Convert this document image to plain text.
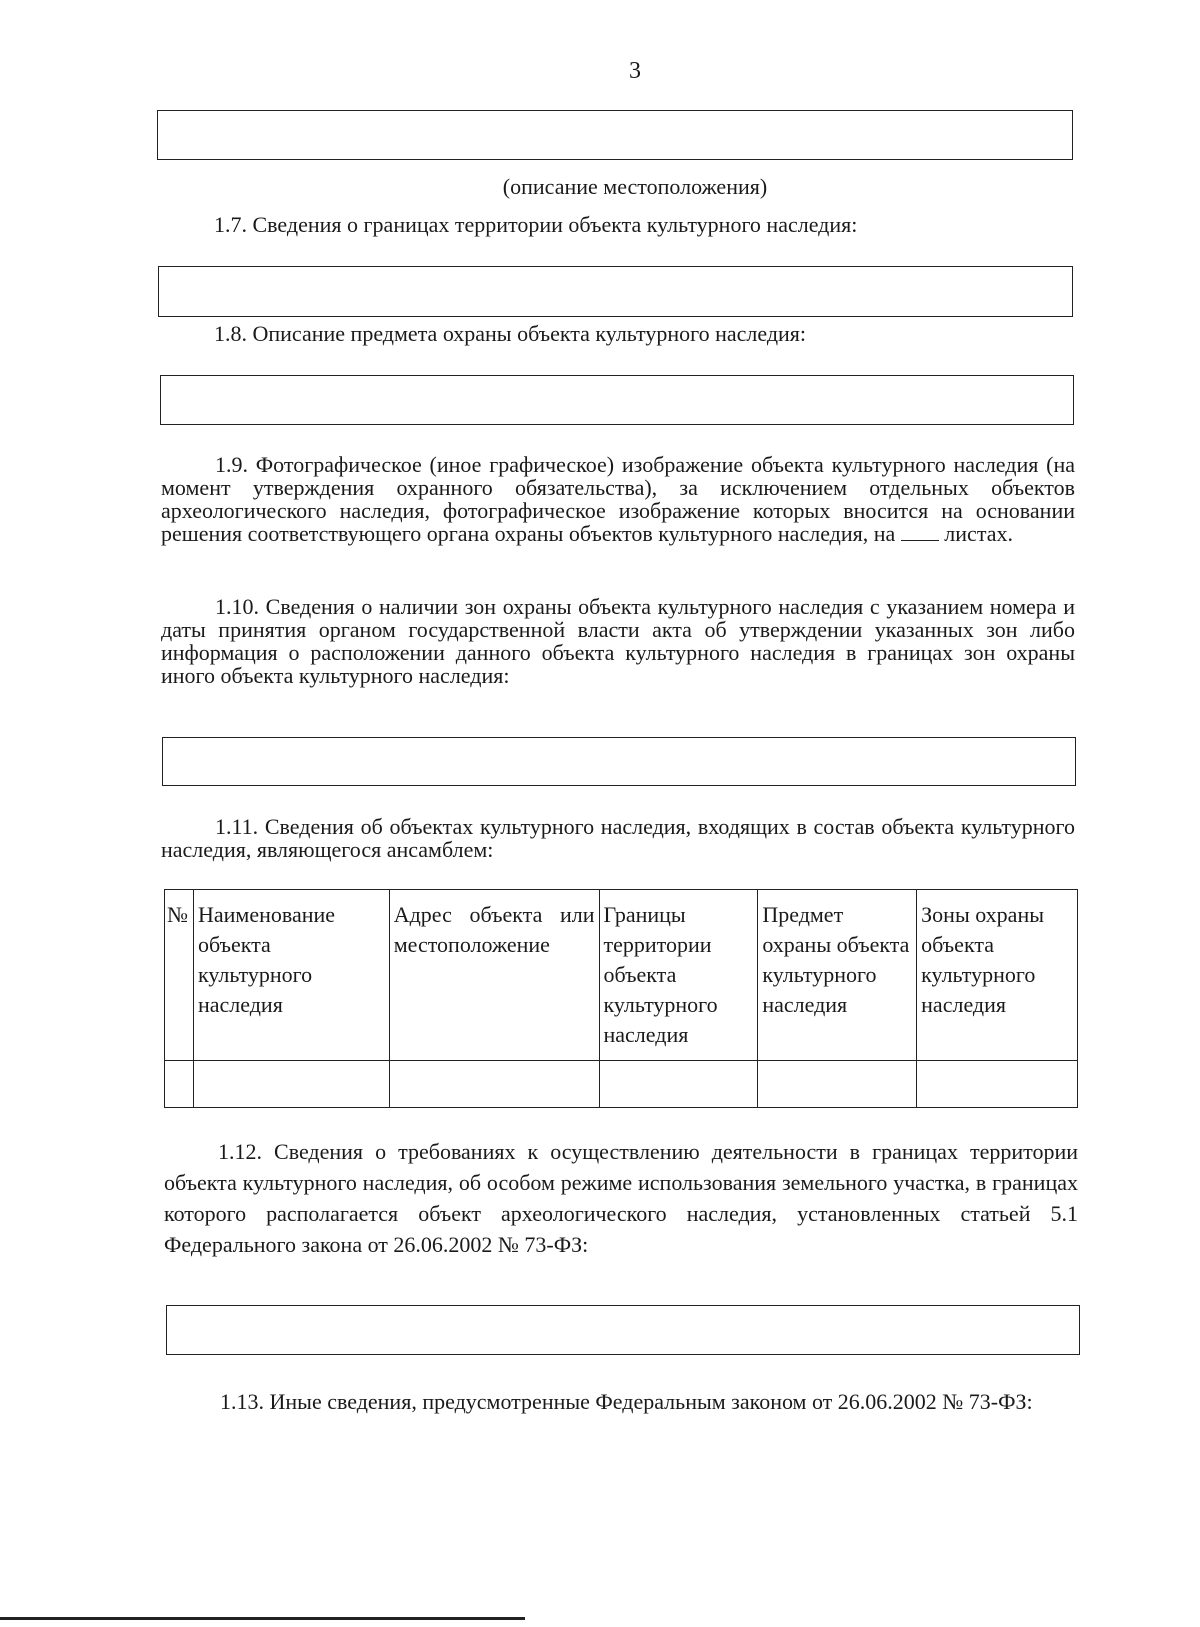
3
(описание местоположения)
1.7. Сведения о границах территории объекта культурного наследия:
1.8. Описание предмета охраны объекта культурного наследия:
1.9. Фотографическое (иное графическое) изображение объекта культурного наследия (на момент утверждения охранного обязательства), за исключением отдельных объектов археологического наследия, фотографическое изображение которых вносится на основании решения соответствующего органа охраны объектов культурного наследия, на листах.
1.10. Сведения о наличии зон охраны объекта культурного наследия с указанием номера и даты принятия органом государственной власти акта об утверждении указанных зон либо информация о расположении данного объекта культурного наследия в границах зон охраны иного объекта культурного наследия:
1.11. Сведения об объектах культурного наследия, входящих в состав объекта культурного наследия, являющегося ансамблем:
№	Наименование объекта культурного наследия	Адрес объекта или местоположение	Границы территории объекта культурного наследия	Предмет охраны объекта культурного наследия	Зоны охраны объекта культурного наследия

1.12. Сведения о требованиях к осуществлению деятельности в границах территории объекта культурного наследия, об особом режиме использования земельного участка, в границах которого располагается объект археологического наследия, установленных статьей 5.1 Федерального закона от 26.06.2002 № 73-ФЗ:
1.13. Иные сведения, предусмотренные Федеральным законом от 26.06.2002 № 73-ФЗ:
